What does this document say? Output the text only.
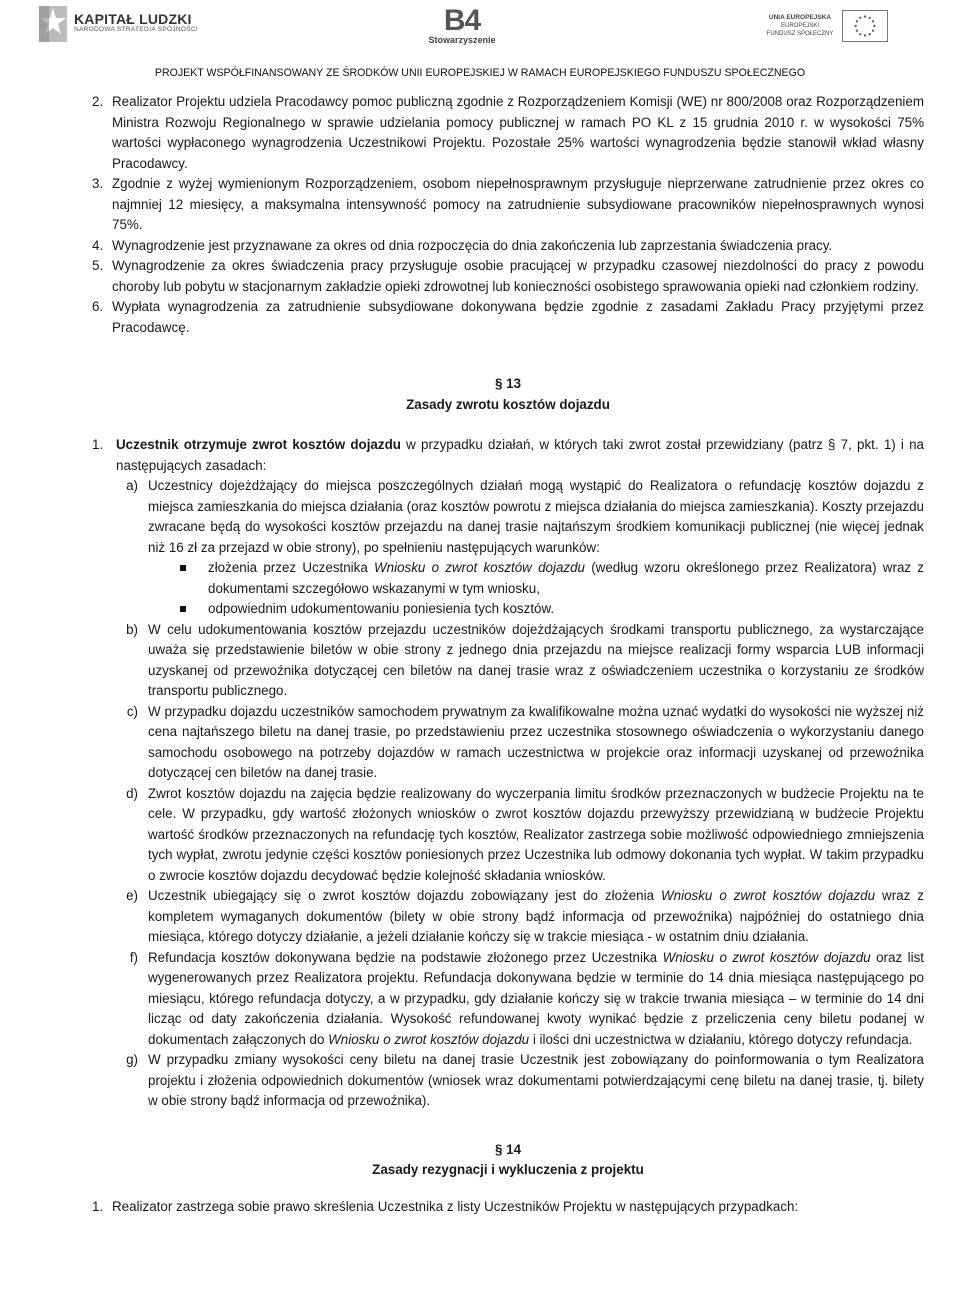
KAPITAŁ LUDZKI
NARODOWA STRATEGIA SPÓJNOŚCI	B4
Stowarzyszenie
UNIA EUROPEJSKA
EUROPEJSKI
FUNDUSZ SPOŁECZNY
PROJEKT WSPÓŁFINANSOWANY ZE ŚRODKÓW UNII EUROPEJSKIEJ W RAMACH EUROPEJSKIEGO FUNDUSZU SPOŁECZNEGO
2. Realizator Projektu udziela Pracodawcy pomoc publiczną zgodnie z Rozporządzeniem Komisji (WE) nr 800/2008 oraz Rozporządzeniem Ministra Rozwoju Regionalnego w sprawie udzielania pomocy publicznej w ramach PO KL z 15 grudnia 2010 r. w wysokości 75% wartości wypłaconego wynagrodzenia Uczestnikowi Projektu. Pozostałe 25% wartości wynagrodzenia będzie stanowił wkład własny Pracodawcy.
3. Zgodnie z wyżej wymienionym Rozporządzeniem, osobom niepełnosprawnym przysługuje nieprzerwane zatrudnienie przez okres co najmniej 12 miesięcy, a maksymalna intensywność pomocy na zatrudnienie subsydiowane pracowników niepełnosprawnych wynosi 75%.
4. Wynagrodzenie jest przyznawane za okres od dnia rozpoczęcia do dnia zakończenia lub zaprzestania świadczenia pracy.
5. Wynagrodzenie za okres świadczenia pracy przysługuje osobie pracującej w przypadku czasowej niezdolności do pracy z powodu choroby lub pobytu w stacjonarnym zakładzie opieki zdrowotnej lub konieczności osobistego sprawowania opieki nad członkiem rodziny.
6. Wypłata wynagrodzenia za zatrudnienie subsydiowane dokonywana będzie zgodnie z zasadami Zakładu Pracy przyjętymi przez Pracodawcę.
§ 13
Zasady zwrotu kosztów dojazdu
1. Uczestnik otrzymuje zwrot kosztów dojazdu w przypadku działań, w których taki zwrot został przewidziany (patrz § 7, pkt. 1) i na następujących zasadach:
a) Uczestnicy dojeżdżający do miejsca poszczególnych działań mogą wystąpić do Realizatora o refundację kosztów dojazdu z miejsca zamieszkania do miejsca działania (oraz kosztów powrotu z miejsca działania do miejsca zamieszkania). Koszty przejazdu zwracane będą do wysokości kosztów przejazdu na danej trasie najtańszym środkiem komunikacji publicznej (nie więcej jednak niż 16 zł za przejazd w obie strony), po spełnieniu następujących warunków:
złożenia przez Uczestnika Wniosku o zwrot kosztów dojazdu (według wzoru określonego przez Realizatora) wraz z dokumentami szczegółowo wskazanymi w tym wniosku,
odpowiednim udokumentowaniu poniesienia tych kosztów.
b) W celu udokumentowania kosztów przejazdu uczestników dojeżdżających środkami transportu publicznego, za wystarczające uważa się przedstawienie biletów w obie strony z jednego dnia przejazdu na miejsce realizacji formy wsparcia LUB informacji uzyskanej od przewoźnika dotyczącej cen biletów na danej trasie wraz z oświadczeniem uczestnika o korzystaniu ze środków transportu publicznego.
c) W przypadku dojazdu uczestników samochodem prywatnym za kwalifikowalne można uznać wydatki do wysokości nie wyższej niż cena najtańszego biletu na danej trasie, po przedstawieniu przez uczestnika stosownego oświadczenia o wykorzystaniu danego samochodu osobowego na potrzeby dojazdów w ramach uczestnictwa w projekcie oraz informacji uzyskanej od przewoźnika dotyczącej cen biletów na danej trasie.
d) Zwrot kosztów dojazdu na zajęcia będzie realizowany do wyczerpania limitu środków przeznaczonych w budżecie Projektu na te cele. W przypadku, gdy wartość złożonych wniosków o zwrot kosztów dojazdu przewyższy przewidzianą w budżecie Projektu wartość środków przeznaczonych na refundację tych kosztów, Realizator zastrzega sobie możliwość odpowiedniego zmniejszenia tych wypłat, zwrotu jedynie części kosztów poniesionych przez Uczestnika lub odmowy dokonania tych wypłat. W takim przypadku o zwrocie kosztów dojazdu decydować będzie kolejność składania wniosków.
e) Uczestnik ubiegający się o zwrot kosztów dojazdu zobowiązany jest do złożenia Wniosku o zwrot kosztów dojazdu wraz z kompletem wymaganych dokumentów (bilety w obie strony bądź informacja od przewoźnika) najpóźniej do ostatniego dnia miesiąca, którego dotyczy działanie, a jeżeli działanie kończy się w trakcie miesiąca - w ostatnim dniu działania.
f) Refundacja kosztów dokonywana będzie na podstawie złożonego przez Uczestnika Wniosku o zwrot kosztów dojazdu oraz list wygenerowanych przez Realizatora projektu. Refundacja dokonywana będzie w terminie do 14 dnia miesiąca następującego po miesiącu, którego refundacja dotyczy, a w przypadku, gdy działanie kończy się w trakcie trwania miesiąca – w terminie do 14 dni licząc od daty zakończenia działania. Wysokość refundowanej kwoty wynikać będzie z przeliczenia ceny biletu podanej w dokumentach załączonych do Wniosku o zwrot kosztów dojazdu i ilości dni uczestnictwa w działaniu, którego dotyczy refundacja.
g) W przypadku zmiany wysokości ceny biletu na danej trasie Uczestnik jest zobowiązany do poinformowania o tym Realizatora projektu i złożenia odpowiednich dokumentów (wniosek wraz dokumentami potwierdzającymi cenę biletu na danej trasie, tj. bilety w obie strony bądź informacja od przewoźnika).
§ 14
Zasady rezygnacji i wykluczenia z projektu
1. Realizator zastrzega sobie prawo skreślenia Uczestnika z listy Uczestników Projektu w następujących przypadkach:
